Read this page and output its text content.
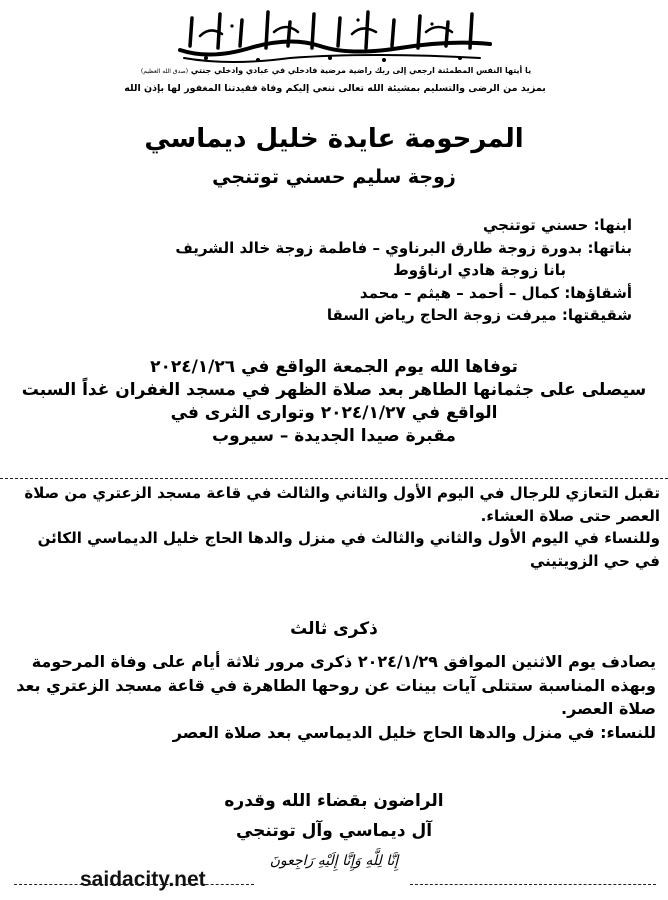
يا أيتها النفس المطمئنة ارجعي إلى ربك راضية مرضية فادخلي في عبادي وادخلي جنتي (صدق الله العظيم)
بمزيد من الرضى والتسليم بمشيئة الله تعالى ننعي إليكم وفاة فقيدتنا المغفور لها بإذن الله
المرحومة عايدة خليل ديماسي
زوجة سليم حسني توتنجي
ابنها: حسني توتنجي
بناتها: بدورة زوجة طارق البرناوي – فاطمة زوجة خالد الشريف
بانا زوجة هادي ارناؤوط
أشقاؤها: كمال – أحمد – هيثم – محمد
شقيقتها: ميرفت زوجة الحاج رياض السقا
توفاها الله يوم الجمعة الواقع في ٢٠٢٤/١/٢٦
سيصلى على جثمانها الطاهر بعد صلاة الظهر في مسجد الغفران غداً السبت
الواقع في ٢٠٢٤/١/٢٧ وتوارى الثرى في
مقبرة صيدا الجديدة – سيروب

تقبل التعازي للرجال في اليوم الأول والثاني والثالث في قاعة مسجد الزعتري من صلاة العصر حتى صلاة العشاء.

وللنساء في اليوم الأول والثاني والثالث في منزل والدها الحاج خليل الديماسي الكائن في حي الزويتيني

ذكرى ثالث

يصادف يوم الاثنين الموافق ٢٠٢٤/١/٢٩ ذكرى مرور ثلاثة أيام على وفاة المرحومة وبهذه المناسبة ستتلى آيات بينات عن روحها الطاهرة في قاعة مسجد الزعتري بعد صلاة العصر.

للنساء: في منزل والدها الحاج خليل الديماسي بعد صلاة العصر

الراضون بقضاء الله وقدره
آل ديماسي وآل توتنجي
إِنَّا لِلَّهِ وَإِنَّا إِلَيْهِ رَاجِعونَ
saidacity.net
